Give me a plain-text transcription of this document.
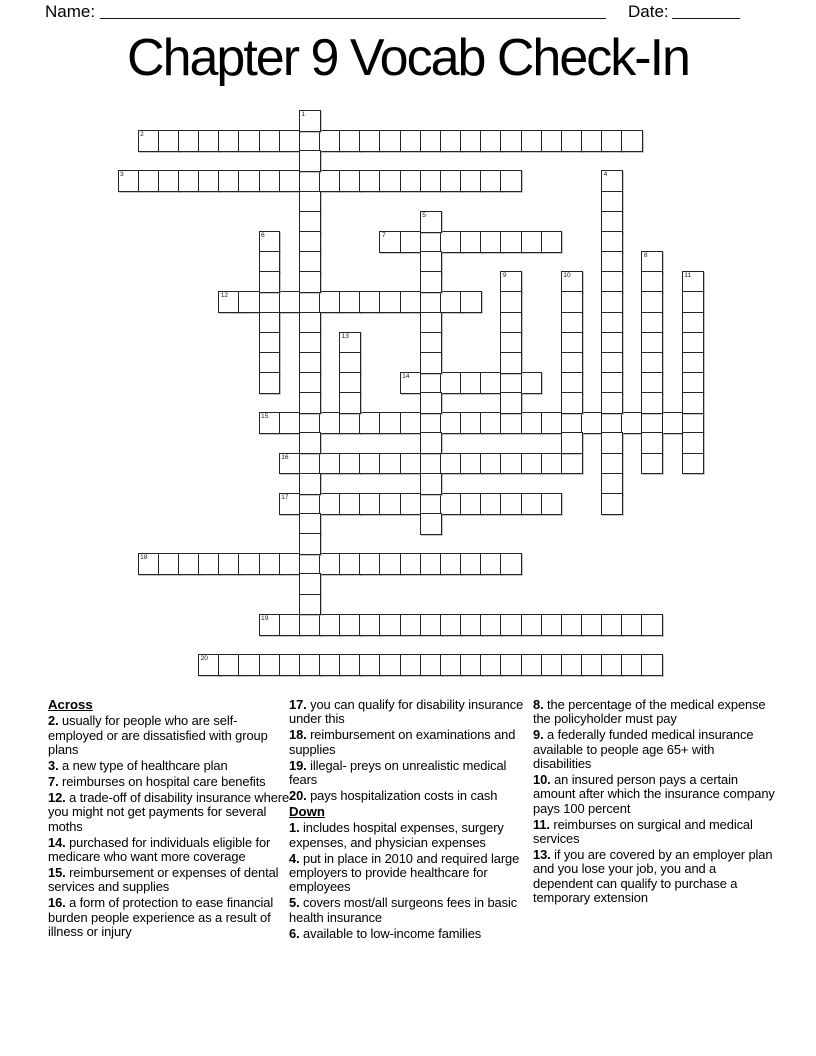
Name:	Date:
Chapter 9 Vocab Check-In
2
3
7
12
14
15
16
17
18
19
20
1
4
5
6
8
9	10	11
13

Across

2. usually for people who are self-employed or are dissatisfied with group plans

3. a new type of healthcare plan

7. reimburses on hospital care benefits

12. a trade-off of disability insurance where you might not get payments for several moths

14. purchased for individuals eligible for medicare who want more coverage

15. reimbursement or expenses of dental services and supplies

16. a form of protection to ease financial burden people experience as a result of illness or injury

17. you can qualify for disability insurance under this

18. reimbursement on examinations and supplies

19. illegal- preys on unrealistic medical fears

20. pays hospitalization costs in cash

Down

1. includes hospital expenses, surgery expenses, and physician expenses

4. put in place in 2010 and required large employers to provide healthcare for employees

5. covers most/all surgeons fees in basic health insurance

6. available to low-income families

8. the percentage of the medical expense the policyholder must pay

9. a federally funded medical insurance available to people age 65+ with disabilities

10. an insured person pays a certain amount after which the insurance company pays 100 percent

11. reimburses on surgical and medical services

13. if you are covered by an employer plan and you lose your job, you and a dependent can qualify to purchase a temporary extension
